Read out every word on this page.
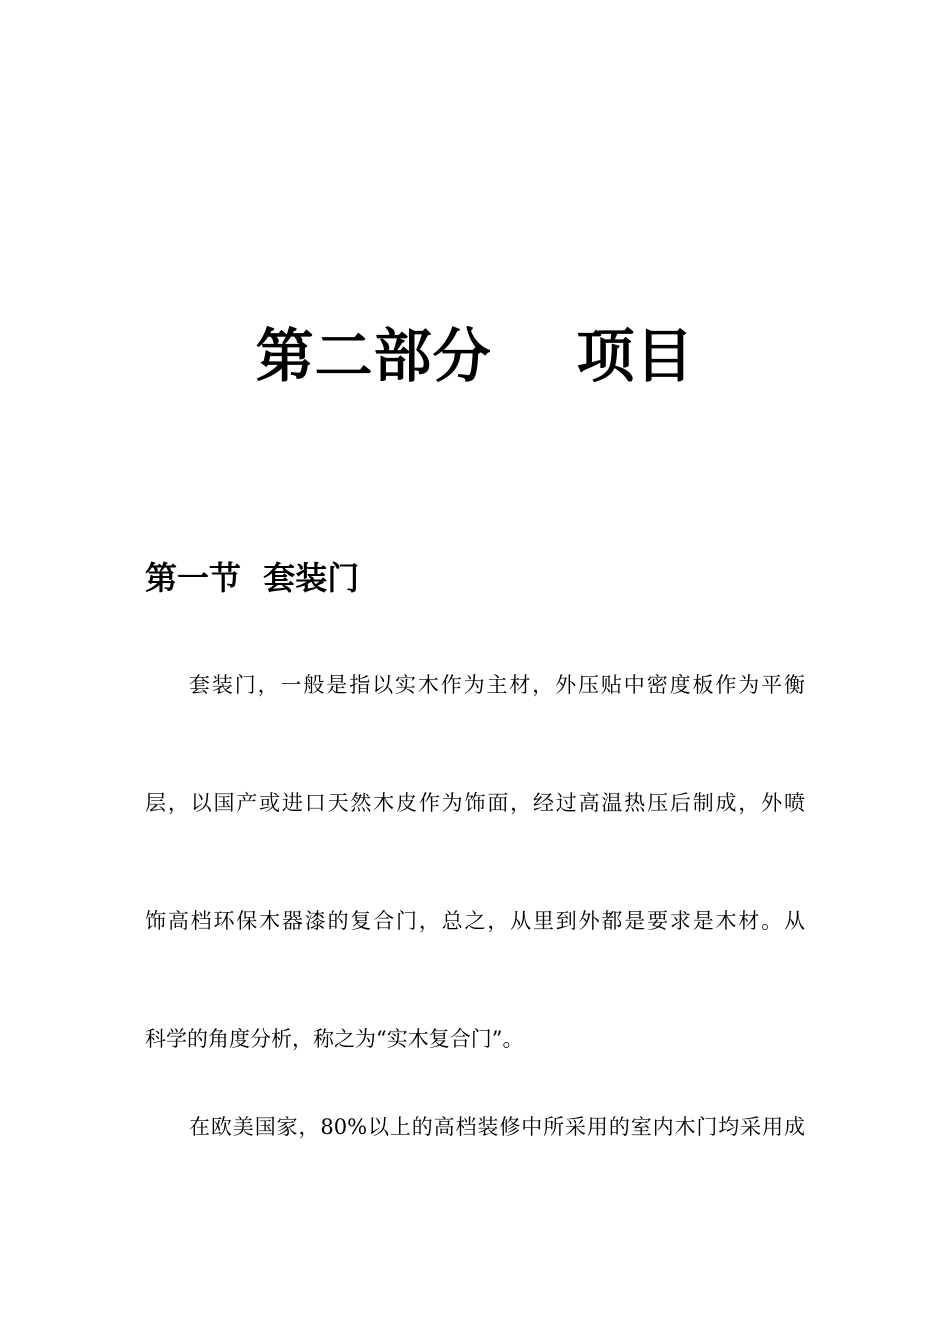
第二部分    项目
第一节  套装门

套装门，一般是指以实木作为主材，外压贴中密度板作为平衡

层，以国产或进口天然木皮作为饰面，经过高温热压后制成，外喷

饰高档环保木器漆的复合门，总之，从里到外都是要求是木材。从

科学的角度分析，称之为“实木复合门”。

在欧美国家，80%以上的高档装修中所采用的室内木门均采用成
